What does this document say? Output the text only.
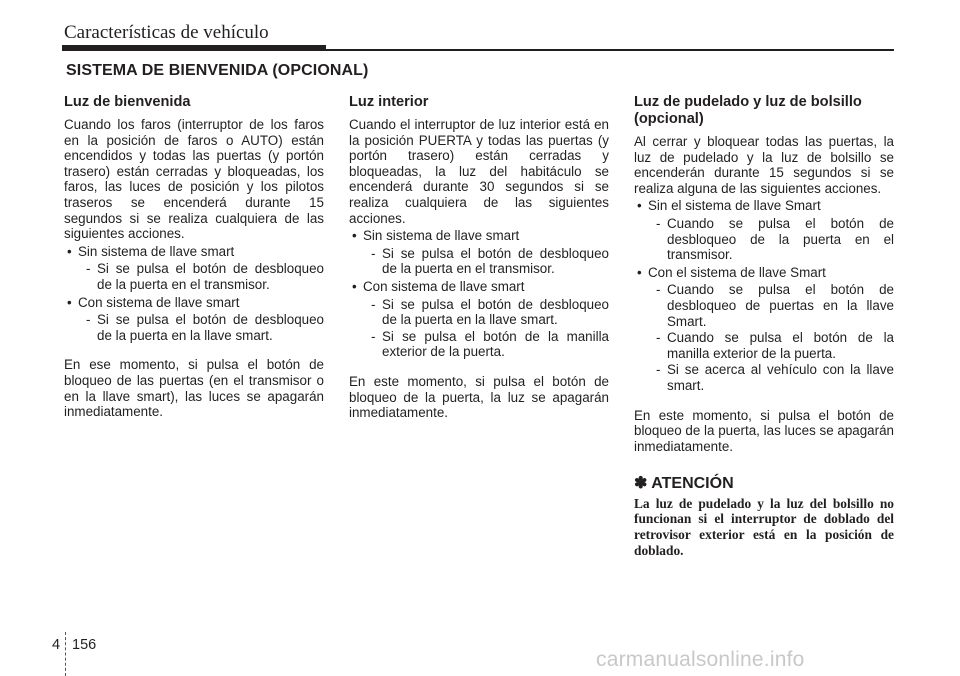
Características de vehículo
SISTEMA DE BIENVENIDA (OPCIONAL)
Luz de bienvenida

Cuando los faros (interruptor de los faros en la posición de faros o AUTO) están encendidos y todas las puertas (y portón trasero) están cerradas y bloqueadas, los faros, las luces de posición y los pilotos traseros se encenderá durante 15 segundos si se realiza cualquiera de las siguientes acciones.

• Sin sistema de llave smart
- Si se pulsa el botón de desbloqueo de la puerta en el transmisor.
• Con sistema de llave smart
- Si se pulsa el botón de desbloqueo de la puerta en la llave smart.

En ese momento, si pulsa el botón de bloqueo de las puertas (en el transmisor o en la llave smart), las luces se apagarán inmediatamente.

Luz interior

Cuando el interruptor de luz interior está en la posición PUERTA y todas las puertas (y portón trasero) están cerradas y bloqueadas, la luz del habitáculo se encenderá durante 30 segundos si se realiza cualquiera de las siguientes acciones.

• Sin sistema de llave smart
- Si se pulsa el botón de desbloqueo de la puerta en el transmisor.
• Con sistema de llave smart
- Si se pulsa el botón de desbloqueo de la puerta en la llave smart.
- Si se pulsa el botón de la manilla exterior de la puerta.

En este momento, si pulsa el botón de bloqueo de la puerta, la luz se apagarán inmediatamente.

Luz de pudelado y luz de bolsillo (opcional)

Al cerrar y bloquear todas las puertas, la luz de pudelado y la luz de bolsillo se encenderán durante 15 segundos si se realiza alguna de las siguientes acciones.

• Sin el sistema de llave Smart
- Cuando se pulsa el botón de desbloqueo de la puerta en el transmisor.
• Con el sistema de llave Smart
- Cuando se pulsa el botón de desbloqueo de puertas en la llave Smart.
- Cuando se pulsa el botón de la manilla exterior de la puerta.
- Si se acerca al vehículo con la llave smart.

En este momento, si pulsa el botón de bloqueo de la puerta, las luces se apagarán inmediatamente.

✽ ATENCIÓN

La luz de pudelado y la luz del bolsillo no funcionan si el interruptor de doblado del retrovisor exterior está en la posición de doblado.

4 156
carmanualsonline.info
